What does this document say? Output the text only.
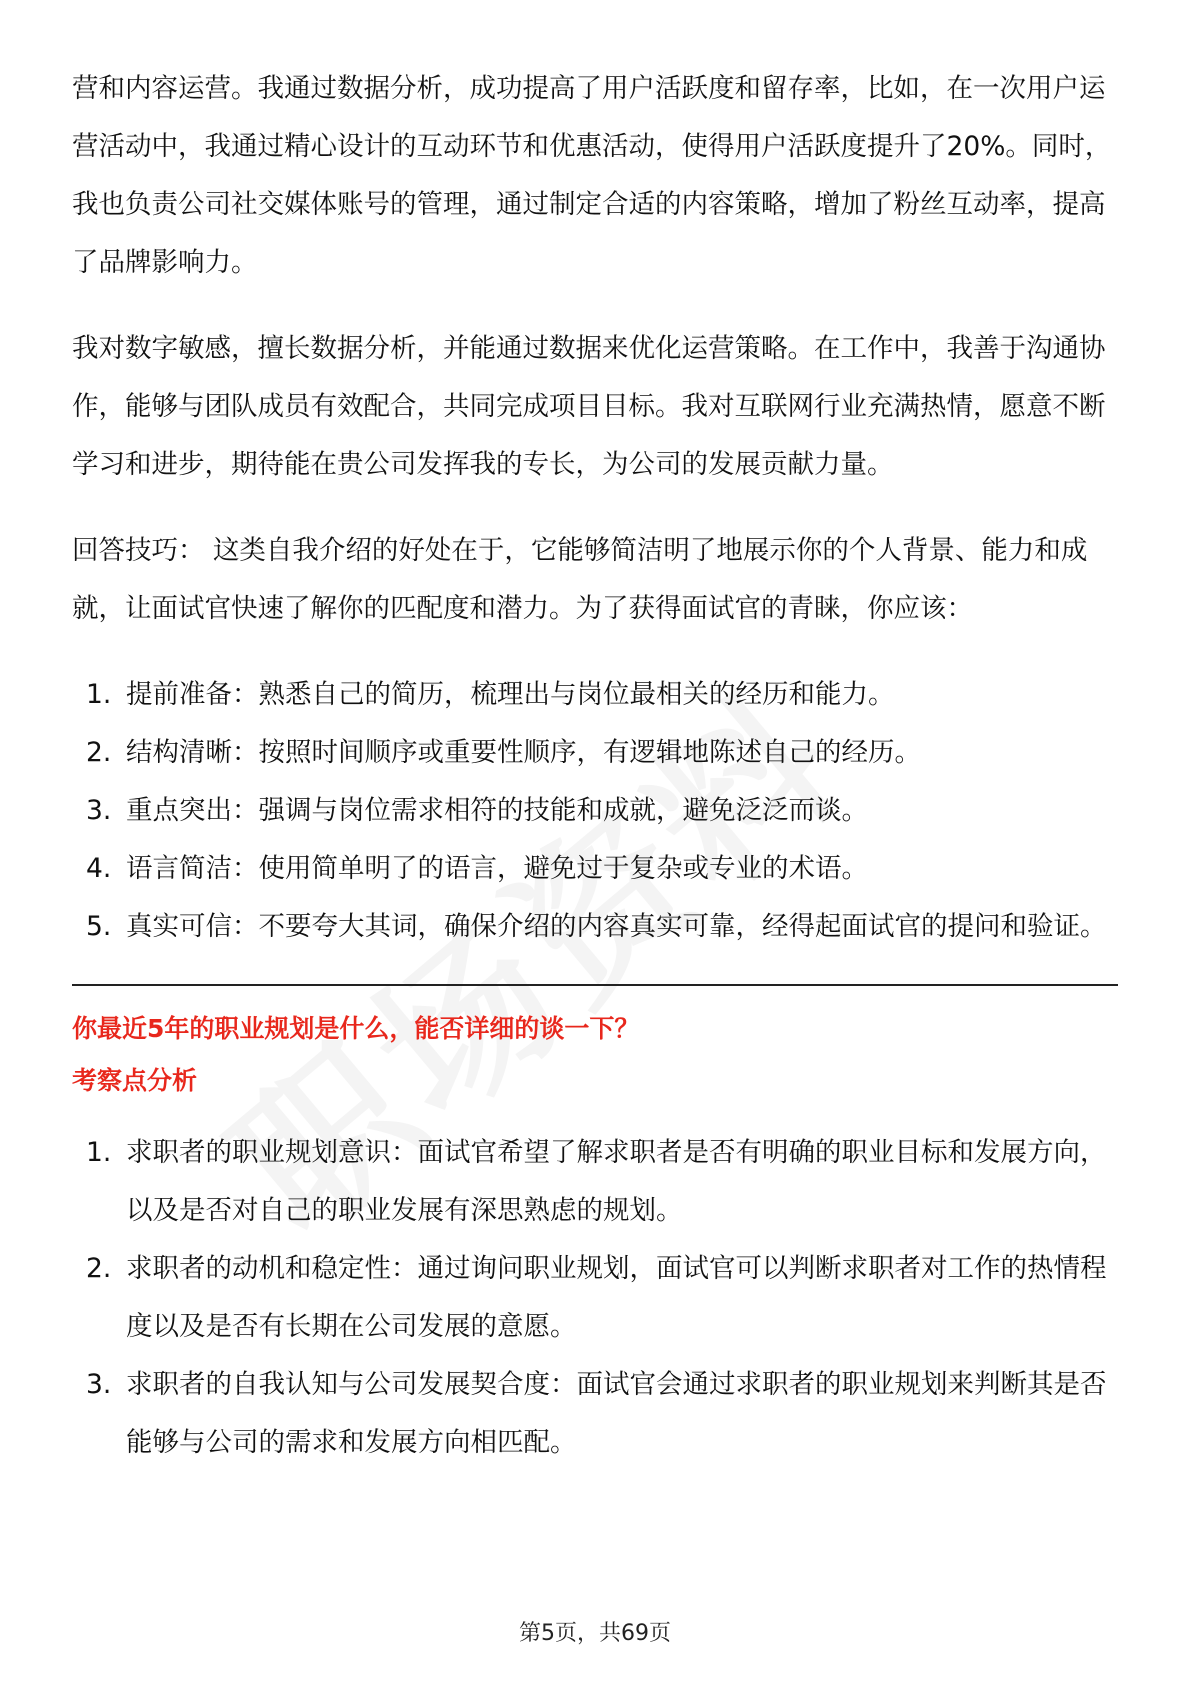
营和内容运营。我通过数据分析，成功提高了用户活跃度和留存率，比如，在一次用户运营活动中，我通过精心设计的互动环节和优惠活动，使得用户活跃度提升了20%。同时，我也负责公司社交媒体账号的管理，通过制定合适的内容策略，增加了粉丝互动率，提高了品牌影响力。

我对数字敏感，擅长数据分析，并能通过数据来优化运营策略。在工作中，我善于沟通协作，能够与团队成员有效配合，共同完成项目目标。我对互联网行业充满热情，愿意不断学习和进步，期待能在贵公司发挥我的专长，为公司的发展贡献力量。

回答技巧： 这类自我介绍的好处在于，它能够简洁明了地展示你的个人背景、能力和成就，让面试官快速了解你的匹配度和潜力。为了获得面试官的青睐，你应该：

提前准备：熟悉自己的简历，梳理出与岗位最相关的经历和能力。
结构清晰：按照时间顺序或重要性顺序，有逻辑地陈述自己的经历。
重点突出：强调与岗位需求相符的技能和成就，避免泛泛而谈。
语言简洁：使用简单明了的语言，避免过于复杂或专业的术语。
真实可信：不要夸大其词，确保介绍的内容真实可靠，经得起面试官的提问和验证。
你最近5年的职业规划是什么，能否详细的谈一下？
考察点分析
求职者的职业规划意识：面试官希望了解求职者是否有明确的职业目标和发展方向，以及是否对自己的职业发展有深思熟虑的规划。
求职者的动机和稳定性：通过询问职业规划，面试官可以判断求职者对工作的热情程度以及是否有长期在公司发展的意愿。
求职者的自我认知与公司发展契合度：面试官会通过求职者的职业规划来判断其是否能够与公司的需求和发展方向相匹配。
第5页，共69页
